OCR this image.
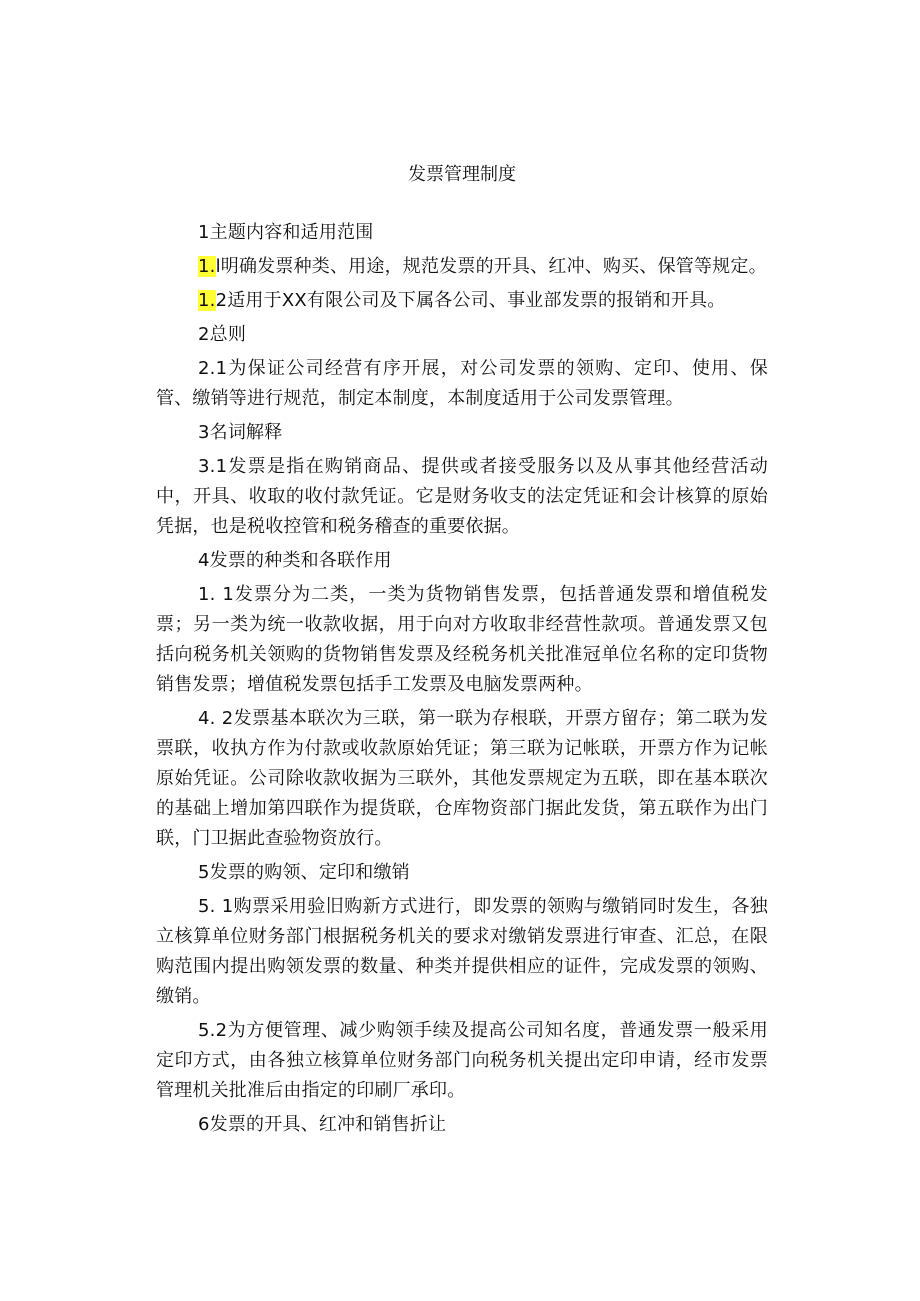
发票管理制度

1主题内容和适用范围

1.l明确发票种类、用途，规范发票的开具、红冲、购买、保管等规定。

1.2适用于XX有限公司及下属各公司、事业部发票的报销和开具。

2总则

2.1为保证公司经营有序开展，对公司发票的领购、定印、使用、保管、缴销等进行规范，制定本制度，本制度适用于公司发票管理。

3名词解释

3.1发票是指在购销商品、提供或者接受服务以及从事其他经营活动中，开具、收取的收付款凭证。它是财务收支的法定凭证和会计核算的原始凭据，也是税收控管和税务稽查的重要依据。

4发票的种类和各联作用

1. 1发票分为二类，一类为货物销售发票，包括普通发票和增值税发票；另一类为统一收款收据，用于向对方收取非经营性款项。普通发票又包括向税务机关领购的货物销售发票及经税务机关批准冠单位名称的定印货物销售发票；增值税发票包括手工发票及电脑发票两种。

4. 2发票基本联次为三联，第一联为存根联，开票方留存；第二联为发票联，收执方作为付款或收款原始凭证；第三联为记帐联，开票方作为记帐原始凭证。公司除收款收据为三联外，其他发票规定为五联，即在基本联次的基础上增加第四联作为提货联，仓库物资部门据此发货，第五联作为出门联，门卫据此查验物资放行。

5发票的购领、定印和缴销

5. 1购票采用验旧购新方式进行，即发票的领购与缴销同时发生，各独立核算单位财务部门根据税务机关的要求对缴销发票进行审查、汇总，在限购范围内提出购领发票的数量、种类并提供相应的证件，完成发票的领购、缴销。

5.2为方便管理、减少购领手续及提高公司知名度，普通发票一般采用定印方式，由各独立核算单位财务部门向税务机关提出定印申请，经市发票管理机关批准后由指定的印刷厂承印。

6发票的开具、红冲和销售折让
